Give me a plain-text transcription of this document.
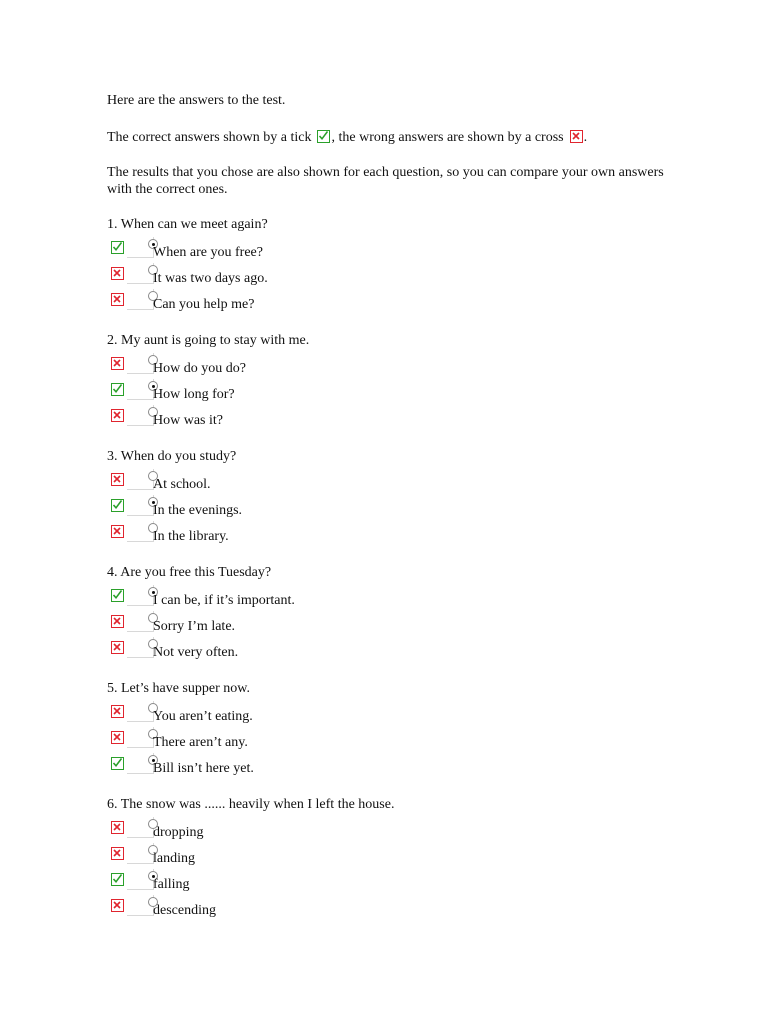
Here are the answers to the test.

The correct answers shown by a tick , the wrong answers are shown by a cross .

The results that you chose are also shown for each question, so you can compare your own answers with the correct ones.

1. When can we meet again?
When are you free?
It was two days ago.
Can you help me?
2. My aunt is going to stay with me.
How do you do?
How long for?
How was it?
3. When do you study?
At school.
In the evenings.
In the library.
4. Are you free this Tuesday?
I can be, if it’s important.
Sorry I’m late.
Not very often.
5. Let’s have supper now.
You aren’t eating.
There aren’t any.
Bill isn’t here yet.
6. The snow was ...... heavily when I left the house.
dropping
landing
falling
descending
